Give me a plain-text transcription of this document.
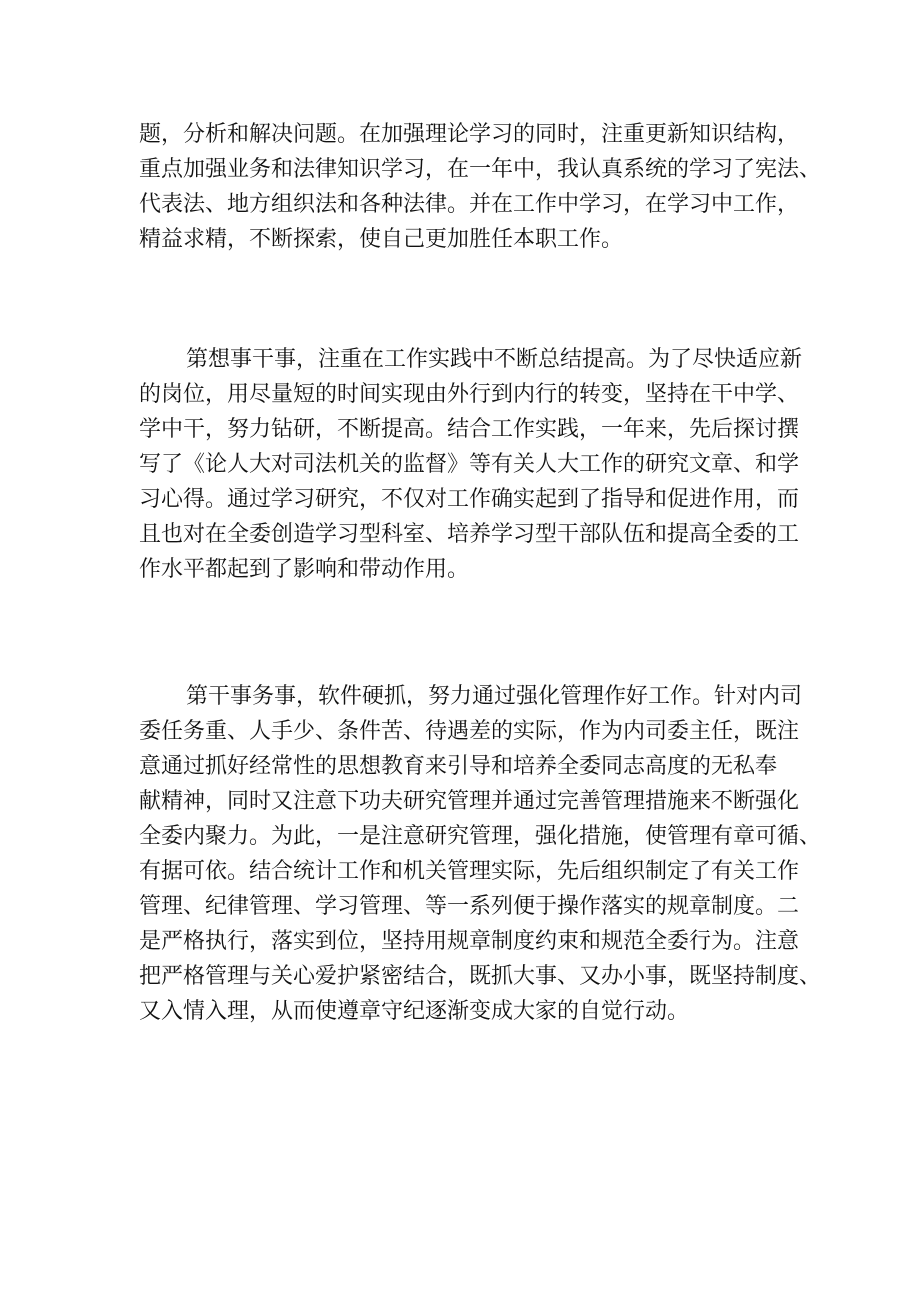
题，分析和解决问题。在加强理论学习的同时，注重更新知识结构，
重点加强业务和法律知识学习，在一年中，我认真系统的学习了宪法、
代表法、地方组织法和各种法律。并在工作中学习，在学习中工作，
精益求精，不断探索，使自己更加胜任本职工作。
第想事干事，注重在工作实践中不断总结提高。为了尽快适应新
的岗位，用尽量短的时间实现由外行到内行的转变，坚持在干中学、
学中干，努力钻研，不断提高。结合工作实践，一年来，先后探讨撰
写了《论人大对司法机关的监督》等有关人大工作的研究文章、和学
习心得。通过学习研究，不仅对工作确实起到了指导和促进作用，而
且也对在全委创造学习型科室、培养学习型干部队伍和提高全委的工
作水平都起到了影响和带动作用。
第干事务事，软件硬抓，努力通过强化管理作好工作。针对内司
委任务重、人手少、条件苦、待遇差的实际，作为内司委主任，既注
意通过抓好经常性的思想教育来引导和培养全委同志高度的无私奉
献精神，同时又注意下功夫研究管理并通过完善管理措施来不断强化
全委内聚力。为此，一是注意研究管理，强化措施，使管理有章可循、
有据可依。结合统计工作和机关管理实际，先后组织制定了有关工作
管理、纪律管理、学习管理、等一系列便于操作落实的规章制度。二
是严格执行，落实到位，坚持用规章制度约束和规范全委行为。注意
把严格管理与关心爱护紧密结合，既抓大事、又办小事，既坚持制度、
又入情入理，从而使遵章守纪逐渐变成大家的自觉行动。
